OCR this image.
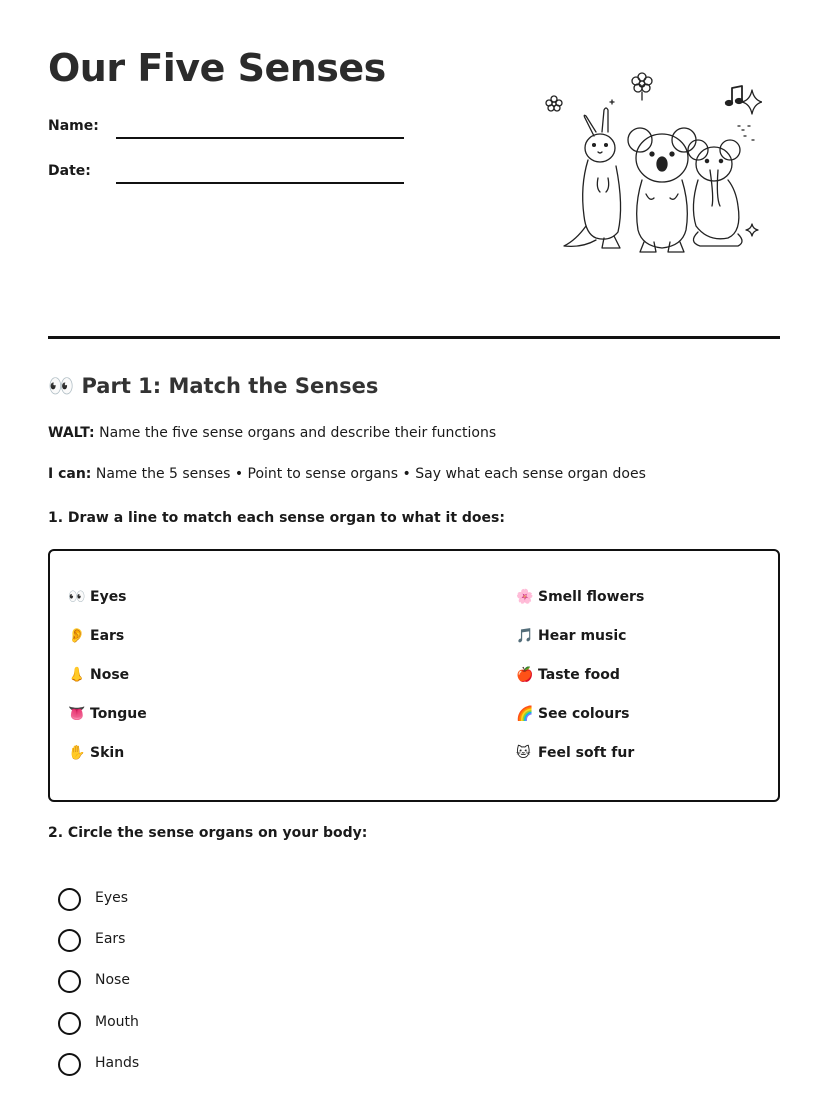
Our Five Senses
Name:
Date:
👀 Part 1: Match the Senses
WALT: Name the five sense organs and describe their functions
I can: Name the 5 senses • Point to sense organs • Say what each sense organ does
1. Draw a line to match each sense organ to what it does:
👀 Eyes
👂 Ears
👃 Nose
👅 Tongue
✋ Skin
🌸 Smell flowers
🎵 Hear music
🍎 Taste food
🌈 See colours
🐱 Feel soft fur
2. Circle the sense organs on your body:
Eyes
Ears
Nose
Mouth
Hands
